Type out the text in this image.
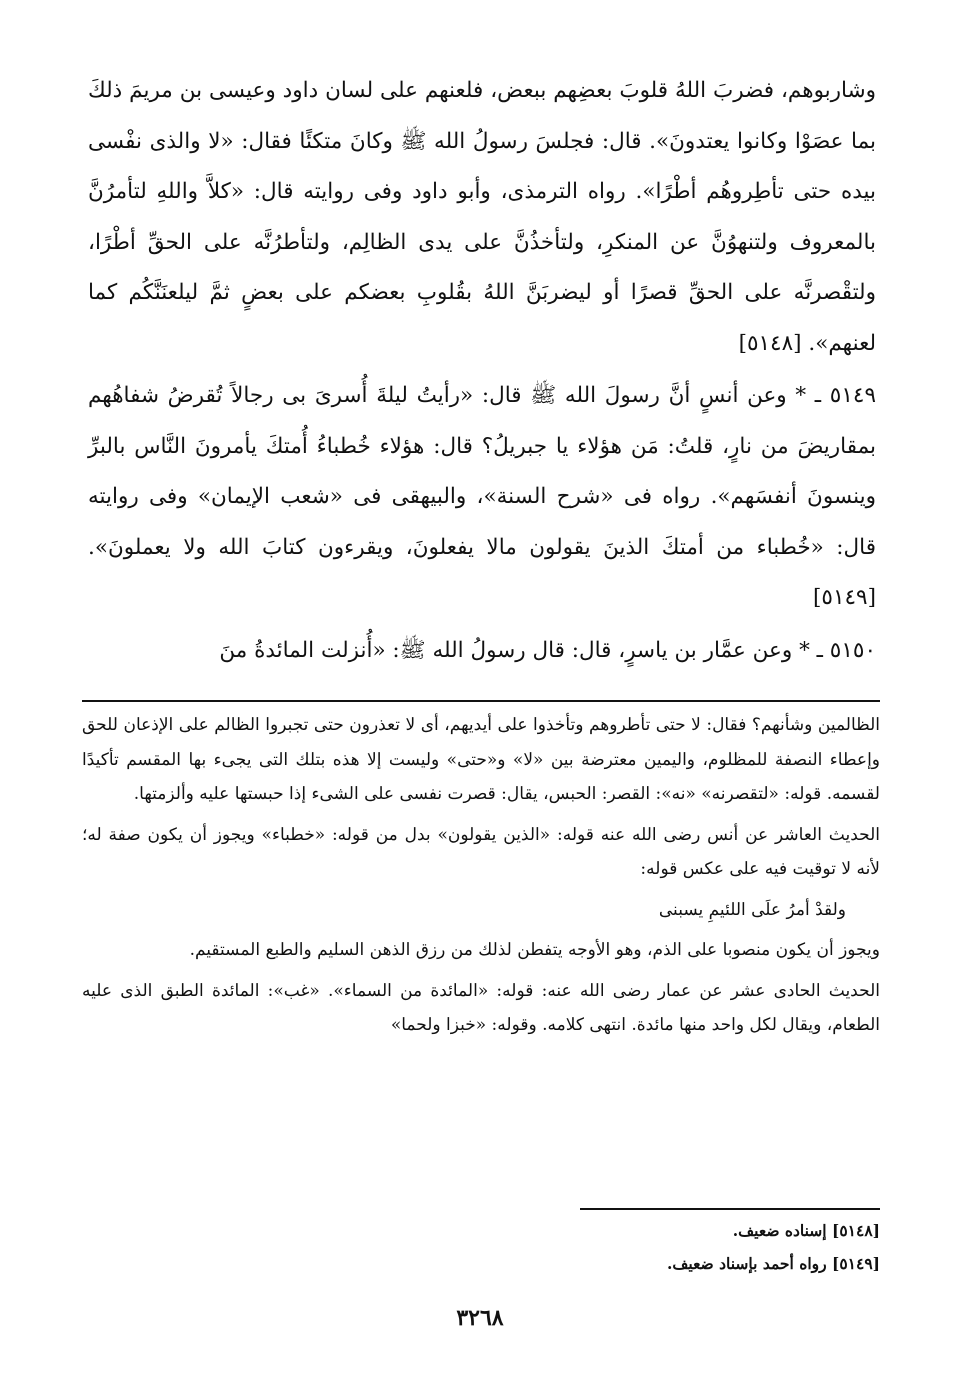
وشاربوهم، فضربَ اللهُ قلوبَ بعضِهم ببعض، فلعنهم على لسان داود وعيسى بن مريمَ ذلكَ بما عصَوْا وكانوا يعتدونَ». قال: فجلسَ رسولُ الله ﷺ وكانَ متكئًا فقال: «لا والذى نفْسى بيده حتى تأطِروهُم أطْرًا». رواه الترمذى، وأبو داود وفى روايته قال: «كلاَّ واللهِ لتأمرُنَّ بالمعروف ولتنهوُنَّ عن المنكرِ، ولتأخذُنَّ على يدى الظالِم، ولتأطرُنَّه على الحقِّ أطْرًا، ولتقْصرنَّه على الحقِّ قصرًا أو ليضربَنَّ اللهُ بقُلوبِ بعضكم على بعضٍ ثمَّ ليلعنَنَّكُم كما لعنهم». [٥١٤٨]

٥١٤٩ ـ * وعن أنسٍ أنَّ رسولَ الله ﷺ قال: «رأيتُ ليلةَ أُسرىَ بى رجالاً تُقرضُ شفاهُهم بمقاريضَ من نارٍ، قلتُ: مَن هؤلاء يا جبريلُ؟ قال: هؤلاء خُطباءُ أُمتكَ يأمرونَ النَّاس بالبرِّ وينسونَ أنفسَهم». رواه فى «شرح السنة»، والبيهقى فى «شعب الإيمان» وفى روايته قال: «خُطباء من أمتكَ الذينَ يقولون مالا يفعلونَ، ويقرءون كتابَ الله ولا يعملونَ». [٥١٤٩]

٥١٥٠ ـ * وعن عمَّار بن ياسرٍ، قال: قال رسولُ الله ﷺ: «أُنزلت المائدةُ منَ

الظالمين وشأنهم؟ فقال: لا حتى تأطروهم وتأخذوا على أيديهم، أى لا تعذرون حتى تجبروا الظالم على الإذعان للحق وإعطاء النصفة للمظلوم، واليمين معترضة بين «لا» و«حتى» وليست إلا هذه بتلك التى يجىء بها المقسم تأكيدًا لقسمه. قوله: «لتقصرنه» «نه»: القصر: الحبس، يقال: قصرت نفسى على الشىء إذا حبستها عليه وألزمتها.

الحديث العاشر عن أنس رضى الله عنه قوله: «الذين يقولون» بدل من قوله: «خطباء» ويجوز أن يكون صفة له؛ لأنه لا توقيت فيه على عكس قوله:

ولقدْ أمرُ علَى اللئيمِ يسبنى

ويجوز أن يكون منصوبا على الذم، وهو الأوجه يتفطن لذلك من رزق الذهن السليم والطبع المستقيم.

الحديث الحادى عشر عن عمار رضى الله عنه: قوله: «المائدة من السماء». «غب»: المائدة الطبق الذى عليه الطعام، ويقال لكل واحد منها مائدة. انتهى كلامه. وقوله: «خبزا ولحما»

[٥١٤٨] إسناده ضعيف.
[٥١٤٩] رواه أحمد بإسناد ضعيف.
٣٢٦٨
